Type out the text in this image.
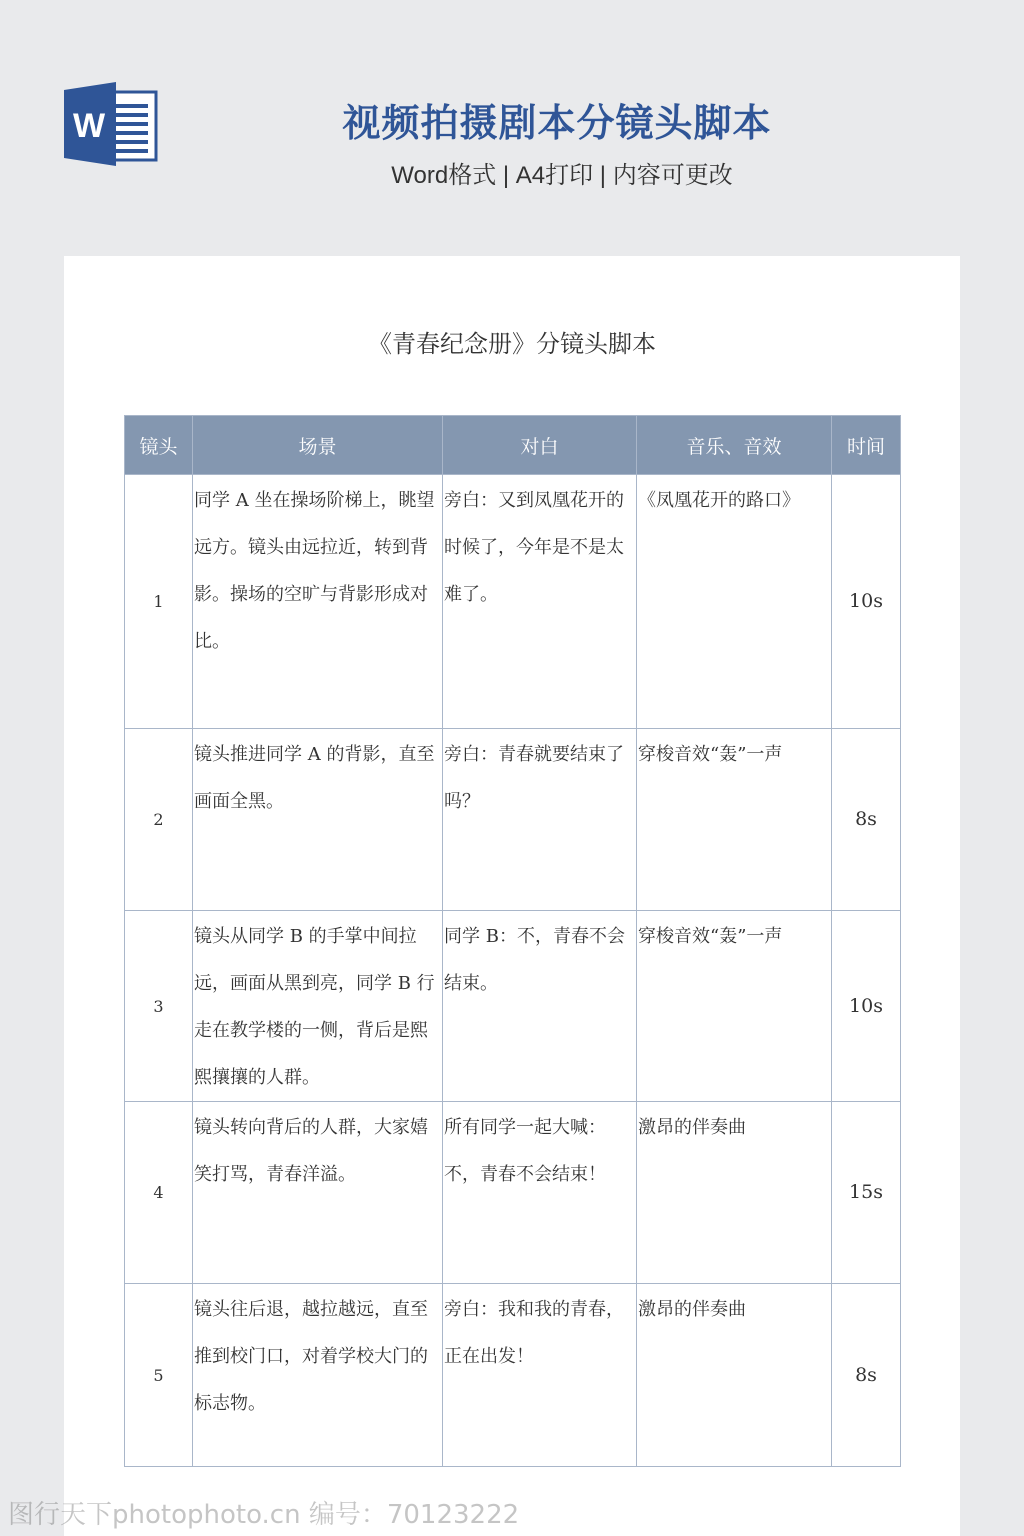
W	视频拍摄剧本分镜头脚本
Word格式 | A4打印 | 内容可更改
《青春纪念册》分镜头脚本
镜头	场景	对白	音乐、音效	时间
1	同学 A 坐在操场阶梯上，眺望远方。镜头由远拉近，转到背影。操场的空旷与背影形成对比。	旁白：又到凤凰花开的时候了，今年是不是太难了。	《凤凰花开的路口》	10s
2	镜头推进同学 A 的背影，直至画面全黑。	旁白：青春就要结束了吗？	穿梭音效“轰”一声	8s
3	镜头从同学 B 的手掌中间拉远，画面从黑到亮，同学 B 行走在教学楼的一侧，背后是熙熙攘攘的人群。	同学 B：不，青春不会结束。	穿梭音效“轰”一声	10s
4	镜头转向背后的人群，大家嬉笑打骂，青春洋溢。	所有同学一起大喊：不，青春不会结束！	激昂的伴奏曲	15s
5	镜头往后退，越拉越远，直至推到校门口，对着学校大门的标志物。	旁白：我和我的青春，正在出发！	激昂的伴奏曲	8s
图行天下photophoto.cn 编号：70123222
